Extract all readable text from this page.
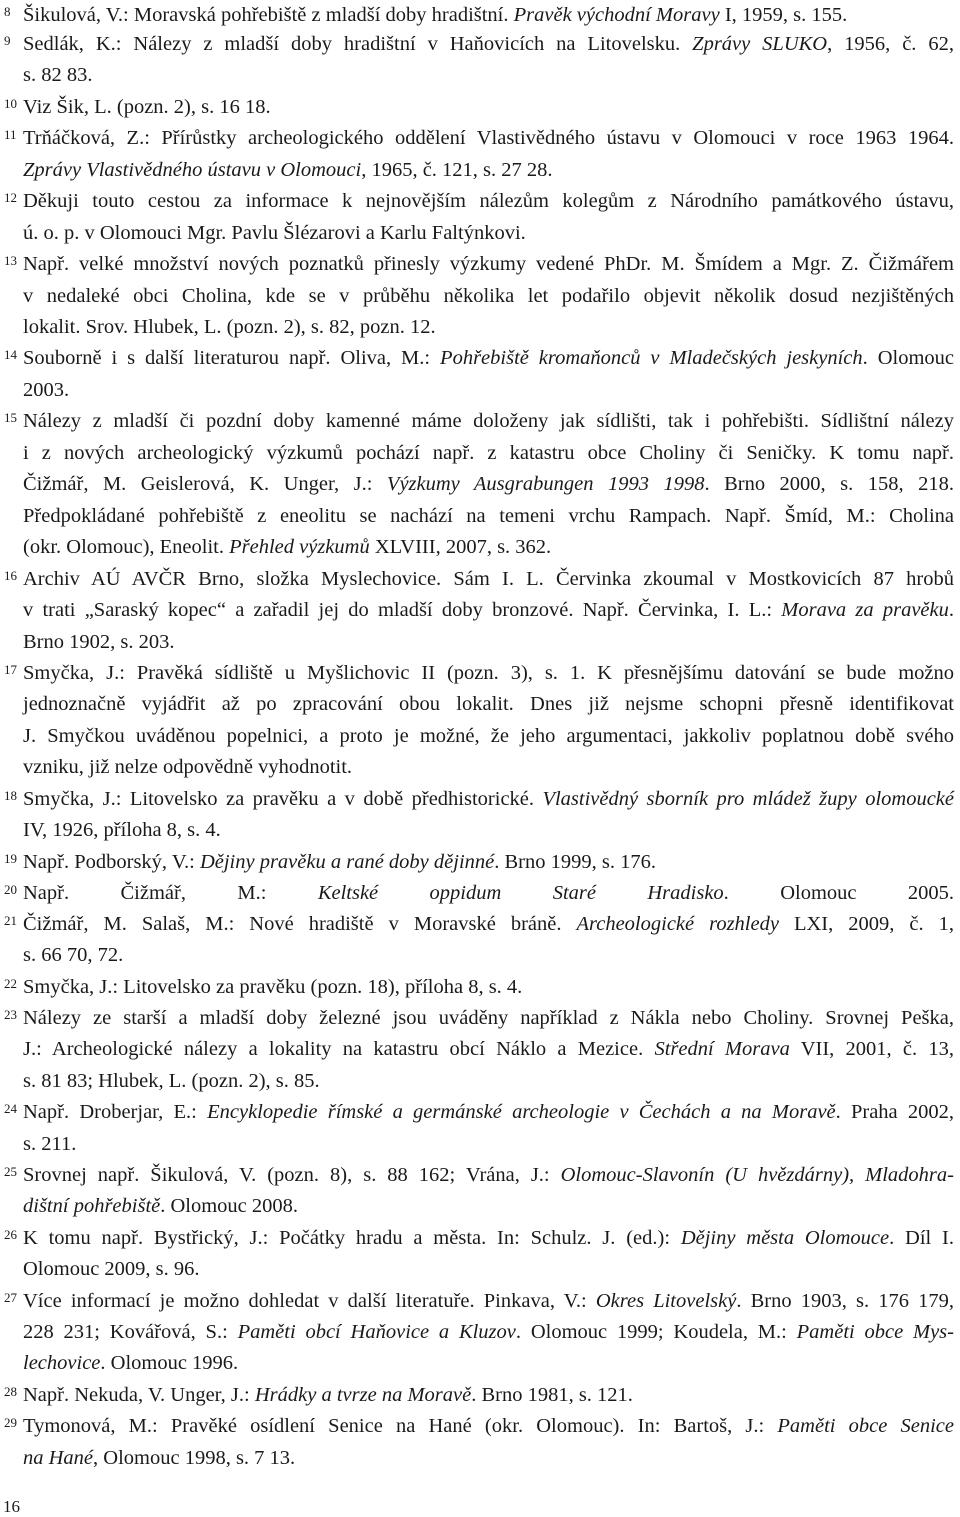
8 Šikulová, V.: Moravská pohřebiště z mladší doby hradištní. Pravěk východní Moravy I, 1959, s. 155.
9 Sedlák, K.: Nálezy z mladší doby hradištní v Haňovicích na Litovelsku. Zprávy SLUKO, 1956, č. 62,
s. 82 83.
10 Viz Šik, L. (pozn. 2), s. 16 18.
11 Trňáčková, Z.: Přírůstky archeologického oddělení Vlastivědného ústavu v Olomouci v roce 1963 1964.
Zprávy Vlastivědného ústavu v Olomouci, 1965, č. 121, s. 27 28.
12 Děkuji touto cestou za informace k nejnovějším nálezům kolegům z Národního památkového ústavu,
ú. o. p. v Olomouci Mgr. Pavlu Šlézarovi a Karlu Faltýnkovi.
13 Např. velké množství nových poznatků přinesly výzkumy vedené PhDr. M. Šmídem a Mgr. Z. Čižmářem
v nedaleké obci Cholina, kde se v průběhu několika let podařilo objevit několik dosud nezjištěných
lokalit. Srov. Hlubek, L. (pozn. 2), s. 82, pozn. 12.
14 Souborně i s další literaturou např. Oliva, M.: Pohřebiště kromaňonců v Mladečských jeskyních. Olomouc
2003.
15 Nálezy z mladší či pozdní doby kamenné máme doloženy jak sídlišti, tak i pohřebišti. Sídlištní nálezy
i z nových archeologický výzkumů pochází např. z katastru obce Choliny či Seničky. K tomu např.
Čižmář, M. Geislerová, K. Unger, J.: Výzkumy Ausgrabungen 1993 1998. Brno 2000, s. 158, 218.
Předpokládané pohřebiště z eneolitu se nachází na temeni vrchu Rampach. Např. Šmíd, M.: Cholina
(okr. Olomouc), Eneolit. Přehled výzkumů XLVIII, 2007, s. 362.
16 Archiv AÚ AVČR Brno, složka Myslechovice. Sám I. L. Červinka zkoumal v Mostkovicích 87 hrobů
v trati „Saraský kopec“ a zařadil jej do mladší doby bronzové. Např. Červinka, I. L.: Morava za pravěku.
Brno 1902, s. 203.
17 Smyčka, J.: Pravěká sídliště u Myšlichovic II (pozn. 3), s. 1. K přesnějšímu datování se bude možno
jednoznačně vyjádřit až po zpracování obou lokalit. Dnes již nejsme schopni přesně identifikovat
J. Smyčkou uváděnou popelnici, a proto je možné, že jeho argumentaci, jakkoliv poplatnou době svého
vzniku, již nelze odpovědně vyhodnotit.
18 Smyčka, J.: Litovelsko za pravěku a v době předhistorické. Vlastivědný sborník pro mládež župy olomoucké
IV, 1926, příloha 8, s. 4.
19 Např. Podborský, V.: Dějiny pravěku a rané doby dějinné. Brno 1999, s. 176.
20 Např. Čižmář, M.: Keltské oppidum Staré Hradisko. Olomouc 2005.
21 Čižmář, M. Salaš, M.: Nové hradiště v Moravské bráně. Archeologické rozhledy LXI, 2009, č. 1,
s. 66 70, 72.
22 Smyčka, J.: Litovelsko za pravěku (pozn. 18), příloha 8, s. 4.
23 Nálezy ze starší a mladší doby železné jsou uváděny například z Nákla nebo Choliny. Srovnej Peška,
J.: Archeologické nálezy a lokality na katastru obcí Náklo a Mezice. Střední Morava VII, 2001, č. 13,
s. 81 83; Hlubek, L. (pozn. 2), s. 85.
24 Např. Droberjar, E.: Encyklopedie římské a germánské archeologie v Čechách a na Moravě. Praha 2002,
s. 211.
25 Srovnej např. Šikulová, V. (pozn. 8), s. 88 162; Vrána, J.: Olomouc-Slavonín (U hvězdárny), Mladohra-
dištní pohřebiště. Olomouc 2008.
26 K tomu např. Bystřický, J.: Počátky hradu a města. In: Schulz. J. (ed.): Dějiny města Olomouce. Díl I.
Olomouc 2009, s. 96.
27 Více informací je možno dohledat v další literatuře. Pinkava, V.: Okres Litovelský. Brno 1903, s. 176 179,
228 231; Kovářová, S.: Paměti obcí Haňovice a Kluzov. Olomouc 1999; Koudela, M.: Paměti obce Mys-
lechovice. Olomouc 1996.
28 Např. Nekuda, V. Unger, J.: Hrádky a tvrze na Moravě. Brno 1981, s. 121.
29 Tymonová, M.: Pravěké osídlení Senice na Hané (okr. Olomouc). In: Bartoš, J.: Paměti obce Senice
na Hané, Olomouc 1998, s. 7 13.
16
